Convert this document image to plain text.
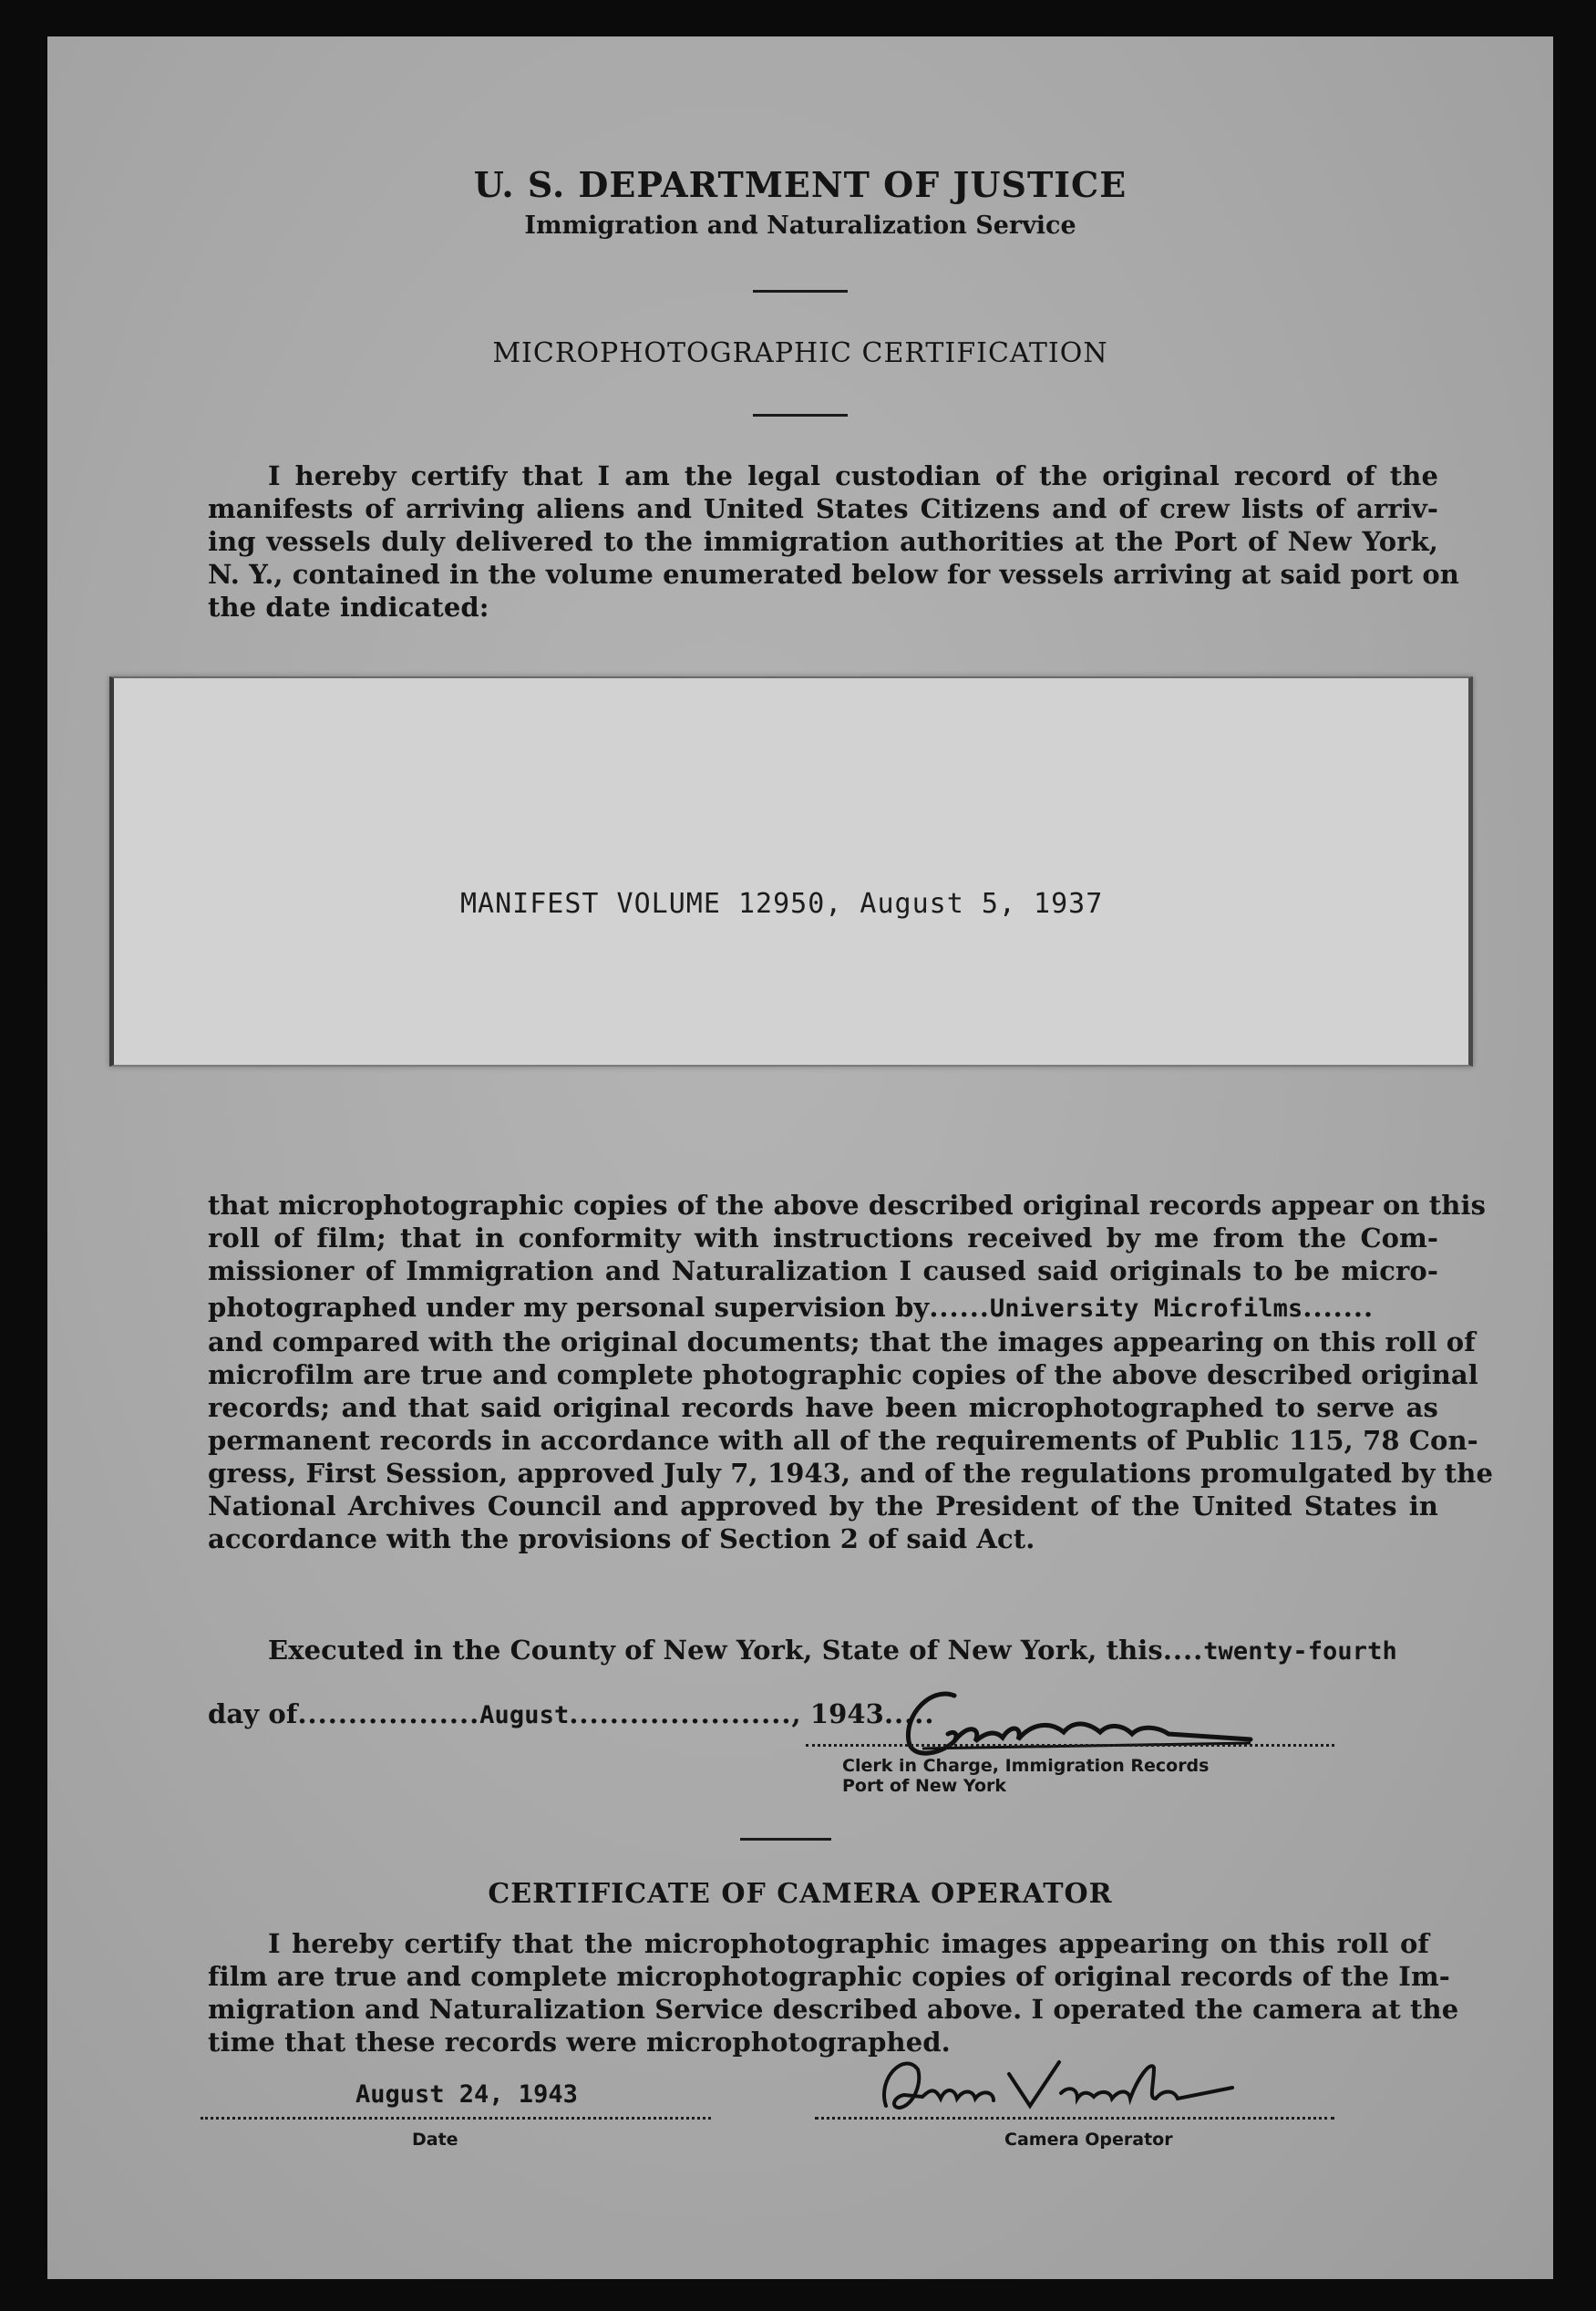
U. S. DEPARTMENT OF JUSTICE
Immigration and Naturalization Service
MICROPHOTOGRAPHIC CERTIFICATION
I hereby certify that I am the legal custodian of the original record of the
manifests of arriving aliens and United States Citizens and of crew lists of arriv-
ing vessels duly delivered to the immigration authorities at the Port of New York,
N. Y., contained in the volume enumerated below for vessels arriving at said port on
the date indicated:
MANIFEST VOLUME 12950, August 5, 1937
that microphotographic copies of the above described original records appear on this
roll of film; that in conformity with instructions received by me from the Com-
missioner of Immigration and Naturalization I caused said originals to be micro-
photographed under my personal supervision by......University Microfilms.......
and compared with the original documents; that the images appearing on this roll of
microfilm are true and complete photographic copies of the above described original
records; and that said original records have been microphotographed to serve as
permanent records in accordance with all of the requirements of Public 115, 78 Con-
gress, First Session, approved July 7, 1943, and of the regulations promulgated by the
National Archives Council and approved by the President of the United States in
accordance with the provisions of Section 2 of said Act.
Executed in the County of New York, State of New York, this....twenty-fourth
day of..................August......................, 1943.....
Clerk in Charge, Immigration Records
Port of New York
CERTIFICATE OF CAMERA OPERATOR
I hereby certify that the microphotographic images appearing on this roll of
film are true and complete microphotographic copies of original records of the Im-
migration and Naturalization Service described above. I operated the camera at the
time that these records were microphotographed.
August 24, 1943
Date	Camera Operator
